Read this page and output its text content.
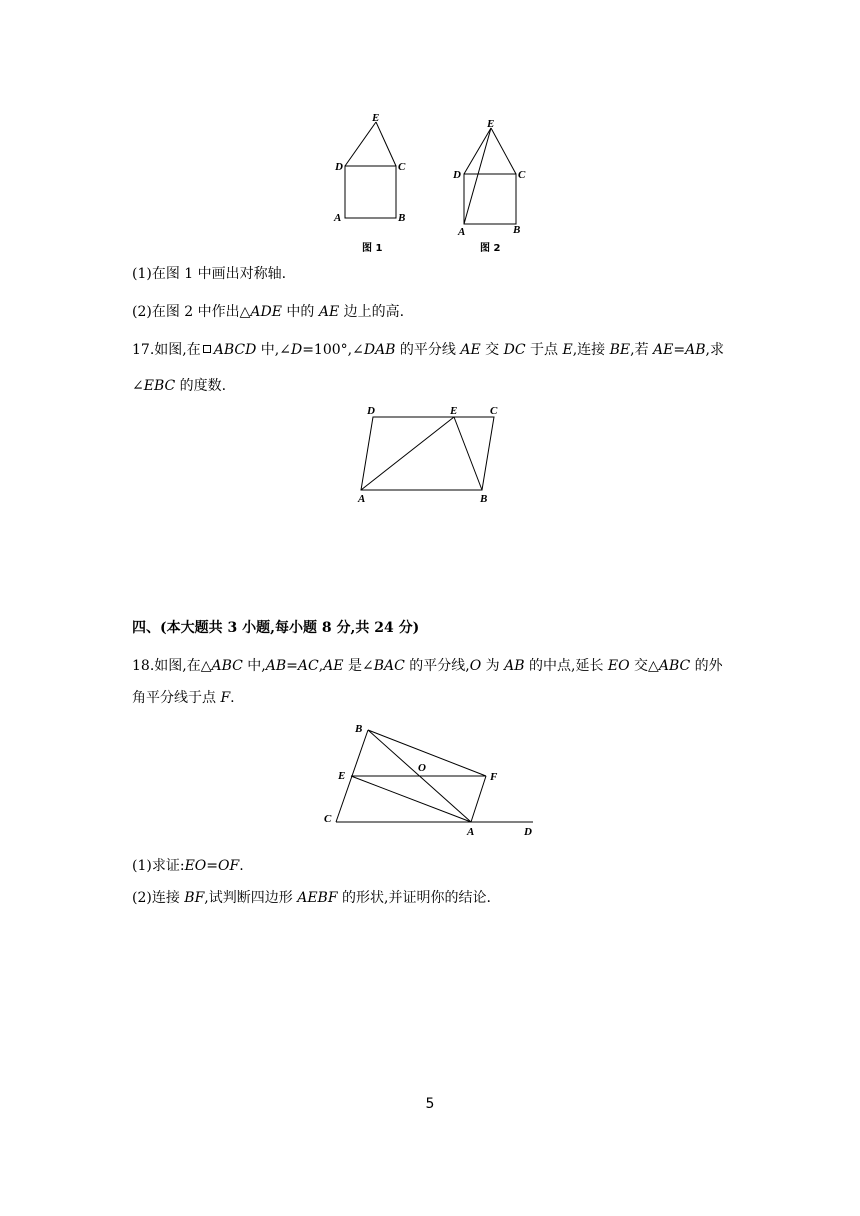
E
D	C
A	B
图 1
E
D	C
A	B
图 2
(1)在图 1 中画出对称轴.
(2)在图 2 中作出△ADE 中的 AE 边上的高.
17.如图,在 ABCD 中,∠D=100°,∠DAB 的平分线 AE 交 DC 于点 E,连接 BE,若 AE=AB,求
∠EBC 的度数.
D	E	C
A	B
四、(本大题共 3 小题,每小题 8 分,共 24 分)
18.如图,在△ABC 中,AB=AC,AE 是∠BAC 的平分线,O 为 AB 的中点,延长 EO 交△ABC 的外
角平分线于点 F.
B
E
O
F
C
A	D
(1)求证:EO=OF.
(2)连接 BF,试判断四边形 AEBF 的形状,并证明你的结论.
5
